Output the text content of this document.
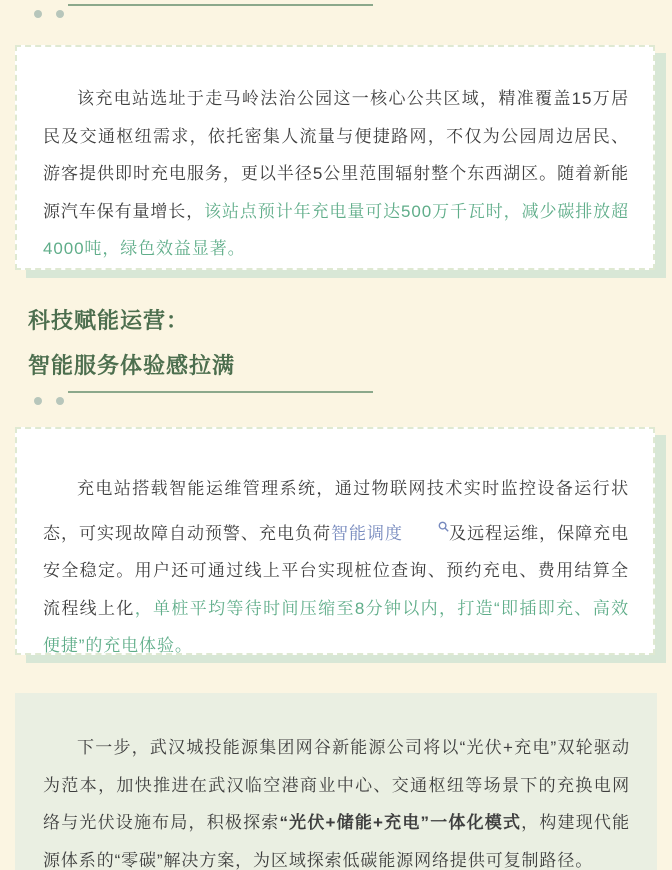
该充电站选址于走马岭法治公园这一核心公共区域，精准覆盖15万居民及交通枢纽需求，依托密集人流量与便捷路网，不仅为公园周边居民、游客提供即时充电服务，更以半径5公里范围辐射整个东西湖区。随着新能源汽车保有量增长，该站点预计年充电量可达500万千瓦时，减少碳排放超4000吨，绿色效益显著。

科技赋能运营：
智能服务体验感拉满

充电站搭载智能运维管理系统，通过物联网技术实时监控设备运行状态，可实现故障自动预警、充电负荷智能调度	及远程运维，保障充电安全稳定。用户还可通过线上平台实现桩位查询、预约充电、费用结算全流程线上化，单桩平均等待时间压缩至8分钟以内，打造“即插即充、高效便捷”的充电体验。

下一步，武汉城投能源集团网谷新能源公司将以“光伏+充电”双轮驱动为范本，加快推进在武汉临空港商业中心、交通枢纽等场景下的充换电网络与光伏设施布局，积极探索“光伏+储能+充电”一体化模式，构建现代能源体系的“零碳”解决方案，为区域探索低碳能源网络提供可复制路径。
